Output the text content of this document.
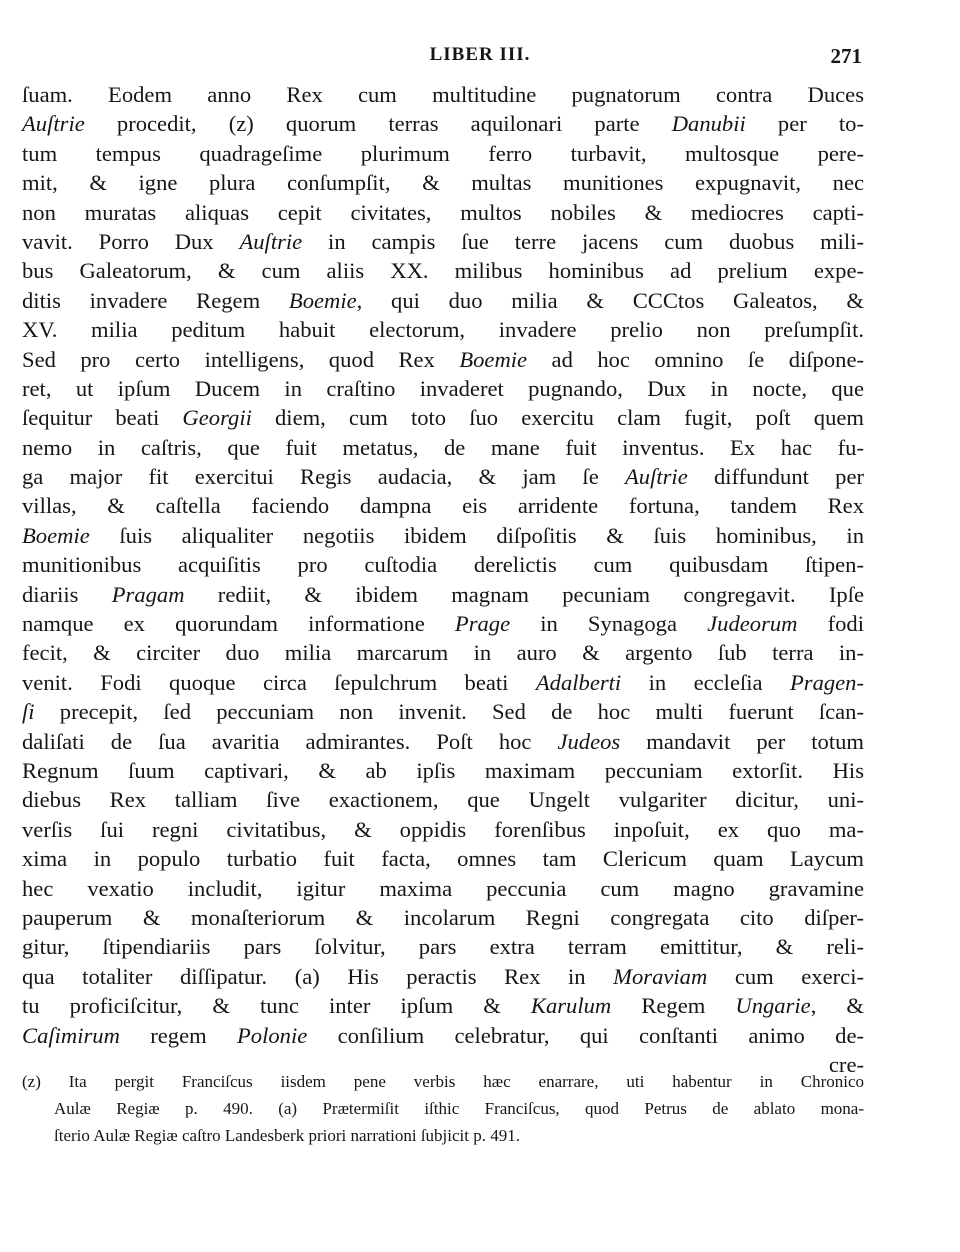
LIBER III.	271
ſuam. Eodem anno Rex cum multitudine pugnatorum contra Duces
Auſtrie procedit, (z) quorum terras aquilonari parte Danubii per to-
tum tempus quadrageſime plurimum ferro turbavit, multosque pere-
mit, & igne plura conſumpſit, & multas munitiones expugnavit, nec
non muratas aliquas cepit civitates, multos nobiles & mediocres capti-
vavit. Porro Dux Auſtrie in campis ſue terre jacens cum duobus mili-
bus Galeatorum, & cum aliis XX. milibus hominibus ad prelium expe-
ditis invadere Regem Boemie, qui duo milia & CCCtos Galeatos, &
XV. milia peditum habuit electorum, invadere prelio non preſumpſit.
Sed pro certo intelligens, quod Rex Boemie ad hoc omnino ſe diſpone-
ret, ut ipſum Ducem in craſtino invaderet pugnando, Dux in nocte, que
ſequitur beati Georgii diem, cum toto ſuo exercitu clam fugit, poſt quem
nemo in caſtris, que fuit metatus, de mane fuit inventus. Ex hac fu-
ga major fit exercitui Regis audacia, & jam ſe Auſtrie diffundunt per
villas, & caſtella faciendo dampna eis arridente fortuna, tandem Rex
Boemie ſuis aliqualiter negotiis ibidem diſpoſitis & ſuis hominibus, in
munitionibus acquiſitis pro cuſtodia derelictis cum quibusdam ſtipen-
diariis Pragam rediit, & ibidem magnam pecuniam congregavit. Ipſe
namque ex quorundam informatione Prage in Synagoga Judeorum fodi
fecit, & circiter duo milia marcarum in auro & argento ſub terra in-
venit. Fodi quoque circa ſepulchrum beati Adalberti in eccleſia Pragen-
ſi precepit, ſed peccuniam non invenit. Sed de hoc multi fuerunt ſcan-
daliſati de ſua avaritia admirantes. Poſt hoc Judeos mandavit per totum
Regnum ſuum captivari, & ab ipſis maximam peccuniam extorſit. His
diebus Rex talliam ſive exactionem, que Ungelt vulgariter dicitur, uni-
verſis ſui regni civitatibus, & oppidis forenſibus inpoſuit, ex quo ma-
xima in populo turbatio fuit facta, omnes tam Clericum quam Laycum
hec vexatio includit, igitur maxima peccunia cum magno gravamine
pauperum & monaſteriorum & incolarum Regni congregata cito diſper-
gitur, ſtipendiariis pars ſolvitur, pars extra terram emittitur, & reli-
qua totaliter diſſipatur. (a) His peractis Rex in Moraviam cum exerci-
tu proficiſcitur, & tunc inter ipſum & Karulum Regem Ungarie, &
Caſimirum regem Polonie conſilium celebratur, qui conſtanti animo de-
cre-
(z) Ita pergit Franciſcus iisdem pene verbis hæc enarrare, uti habentur in Chronico
Aulæ Regiæ p. 490. (a) Prætermiſit iſthic Franciſcus, quod Petrus de ablato mona-
ſterio Aulæ Regiæ caſtro Landesberk priori narrationi ſubjicit p. 491.
